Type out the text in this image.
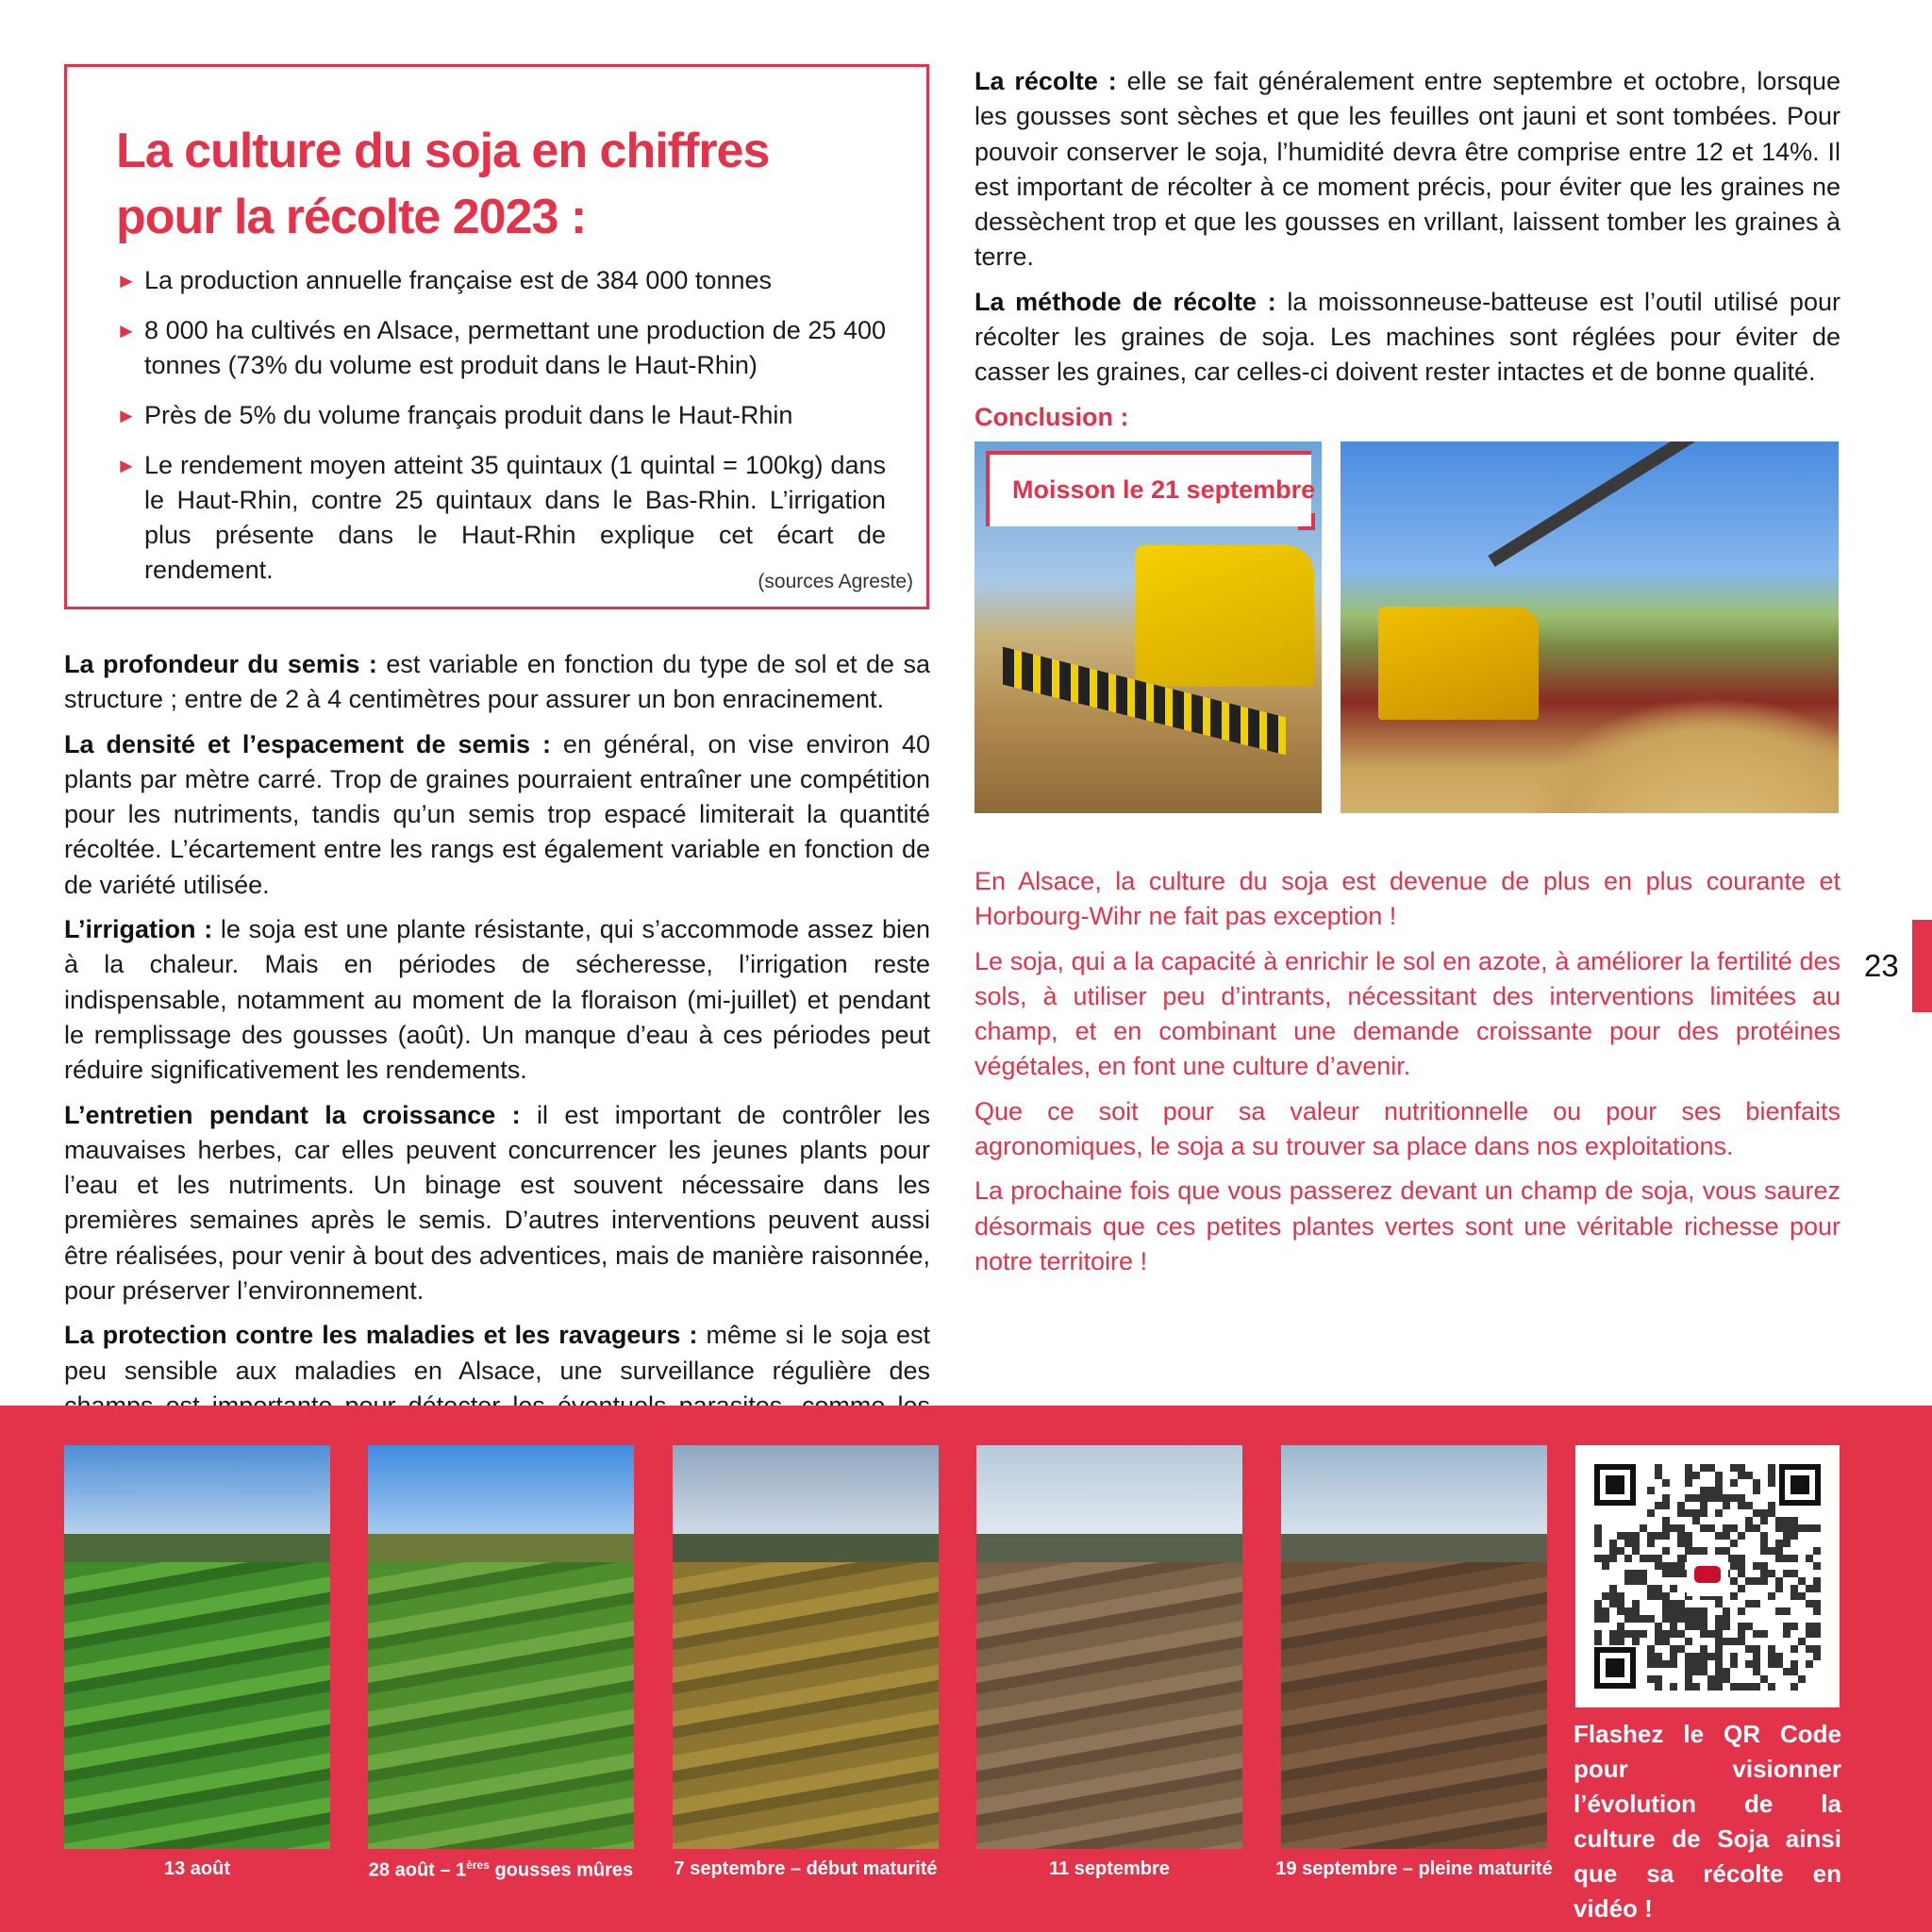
La culture du soja en chiffres
pour la récolte 2023 :
► La production annuelle française est de 384 000 tonnes
► 8 000 ha cultivés en Alsace, permettant une production de 25 400 tonnes (73% du volume est produit dans le Haut-Rhin)
► Près de 5% du volume français produit dans le Haut-Rhin
► Le rendement moyen atteint 35 quintaux (1 quintal = 100kg) dans le Haut-Rhin, contre 25 quintaux dans le Bas-Rhin. L’irrigation plus présente dans le Haut-Rhin explique cet écart de rendement.	(sources Agreste)

La profondeur du semis : est variable en fonction du type de sol et de sa structure ; entre de 2 à 4 centimètres pour assurer un bon enracinement.

La densité et l’espacement de semis : en général, on vise environ 40 plants par mètre carré. Trop de graines pourraient entraîner une compétition pour les nutriments, tandis qu’un semis trop espacé limiterait la quantité récoltée. L’écartement entre les rangs est également variable en fonction de de variété utilisée.

L’irrigation : le soja est une plante résistante, qui s’accommode assez bien à la chaleur. Mais en périodes de sécheresse, l’irrigation reste indispensable, notamment au moment de la floraison (mi-juillet) et pendant le remplissage des gousses (août). Un manque d’eau à ces périodes peut réduire significativement les rendements.

L’entretien pendant la croissance : il est important de contrôler les mauvaises herbes, car elles peuvent concurrencer les jeunes plants pour l’eau et les nutriments. Un binage est souvent nécessaire dans les premières semaines après le semis. D’autres interventions peuvent aussi être réalisées, pour venir à bout des adventices, mais de manière raisonnée, pour préserver l’environnement.

La protection contre les maladies et les ravageurs : même si le soja est peu sensible aux maladies en Alsace, une surveillance régulière des

La récolte : elle se fait généralement entre septembre et octobre, lorsque les gousses sont sèches et que les feuilles ont jauni et sont tombées. Pour pouvoir conserver le soja, l’humidité devra être comprise entre 12 et 14%. Il est important de récolter à ce moment précis, pour éviter que les graines ne dessèchent trop et que les gousses en vrillant, laissent tomber les graines à terre.

La méthode de récolte : la moissonneuse-batteuse est l’outil utilisé pour récolter les graines de soja. Les machines sont réglées pour éviter de casser les graines, car celles-ci doivent rester intactes et de bonne qualité.

Conclusion :
Moisson le 21 septembre

En Alsace, la culture du soja est devenue de plus en plus courante et Horbourg-Wihr ne fait pas exception !

Le soja, qui a la capacité à enrichir le sol en azote, à améliorer la fertilité des sols, à utiliser peu d’intrants, nécessitant des interventions limitées au champ, et en combinant une demande croissante pour des protéines végétales, en font une culture d’avenir.

Que ce soit pour sa valeur nutritionnelle ou pour ses bienfaits agronomiques, le soja a su trouver sa place dans nos exploitations.

La prochaine fois que vous passerez devant un champ de soja, vous saurez désormais que ces petites plantes vertes sont une véritable richesse pour notre territoire !

23
13 août	28 août – 1ères gousses mûres	7 septembre – début maturité	11 septembre	19 septembre – pleine maturité
Flashez le QR Code pour visionner l’évolution de la culture de Soja ainsi que sa récolte en vidéo !
